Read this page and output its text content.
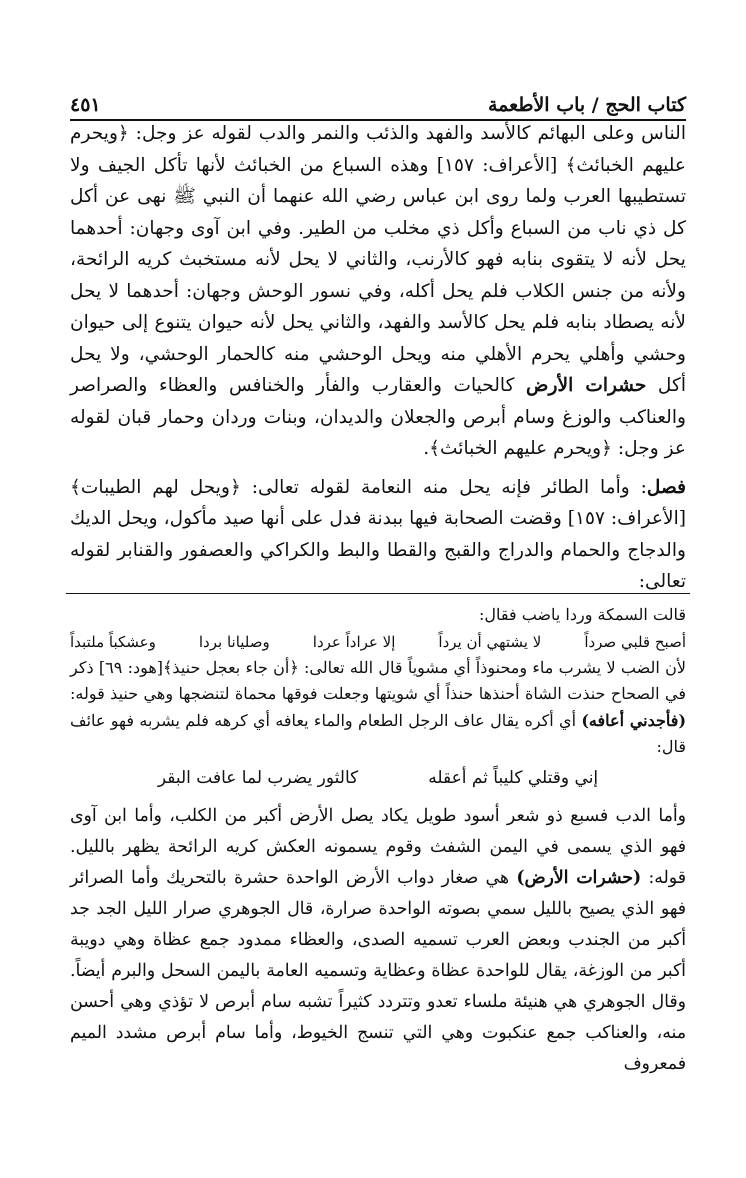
كتاب الحج / باب الأطعمة
٤٥١

الناس وعلى البهائم كالأسد والفهد والذئب والنمر والدب لقوله عز وجل: ﴿ويحرم عليهم الخبائث﴾ [الأعراف: ١٥٧] وهذه السباع من الخبائث لأنها تأكل الجيف ولا تستطيبها العرب ولما روى ابن عباس رضي الله عنهما أن النبي ﷺ نهى عن أكل كل ذي ناب من السباع وأكل ذي مخلب من الطير. وفي ابن آوى وجهان: أحدهما يحل لأنه لا يتقوى بنابه فهو كالأرنب، والثاني لا يحل لأنه مستخبث كريه الرائحة، ولأنه من جنس الكلاب فلم يحل أكله، وفي نسور الوحش وجهان: أحدهما لا يحل لأنه يصطاد بنابه فلم يحل كالأسد والفهد، والثاني يحل لأنه حيوان يتنوع إلى حيوان وحشي وأهلي يحرم الأهلي منه ويحل الوحشي منه كالحمار الوحشي، ولا يحل أكل حشرات الأرض كالحيات والعقارب والفأر والخنافس والعظاء والصراصر والعناكب والوزغ وسام أبرص والجعلان والديدان، وبنات وردان وحمار قبان لقوله عز وجل: ﴿ويحرم عليهم الخبائث﴾.

فصل: وأما الطائر فإنه يحل منه النعامة لقوله تعالى: ﴿ويحل لهم الطيبات﴾ [الأعراف: ١٥٧] وقضت الصحابة فيها ببدنة فدل على أنها صيد مأكول، ويحل الديك والدجاج والحمام والدراج والقبج والقطا والبط والكراكي والعصفور والقنابر لقوله تعالى:

قالت السمكة وردا ياضب فقال:

أصبح قلبي صرداً
لا يشتهي أن يرداً
إلا عراداً عردا
وصليانا بردا
وعشكباً ملتبداً

لأن الضب لا يشرب ماء ومحنوذاً أي مشوياً قال الله تعالى: ﴿أن جاء بعجل حنيذ﴾[هود: ٦٩] ذكر في الصحاح حنذت الشاة أحنذها حنذاً أي شويتها وجعلت فوقها محماة لتنضجها وهي حنيذ قوله: (فأجدني أعافه) أي أكره يقال عاف الرجل الطعام والماء يعافه أي كرهه فلم يشربه فهو عائف قال:

إني وقتلي كليباً ثم أعقله
كالثور يضرب لما عافت البقر

وأما الدب فسبع ذو شعر أسود طويل يكاد يصل الأرض أكبر من الكلب، وأما ابن آوى فهو الذي يسمى في اليمن الشفث وقوم يسمونه العكش كريه الرائحة يظهر بالليل. قوله: (حشرات الأرض) هي صغار دواب الأرض الواحدة حشرة بالتحريك وأما الصرائر فهو الذي يصيح بالليل سمي بصوته الواحدة صرارة، قال الجوهري صرار الليل الجد جد أكبر من الجندب وبعض العرب تسميه الصدى، والعظاء ممدود جمع عظاة وهي دويبة أكبر من الوزغة، يقال للواحدة عظاة وعظاية وتسميه العامة باليمن السحل والبرم أيضاً. وقال الجوهري هي هنيئة ملساء تعدو وتتردد كثيراً تشبه سام أبرص لا تؤذي وهي أحسن منه، والعناكب جمع عنكبوت وهي التي تنسج الخيوط، وأما سام أبرص مشدد الميم فمعروف
